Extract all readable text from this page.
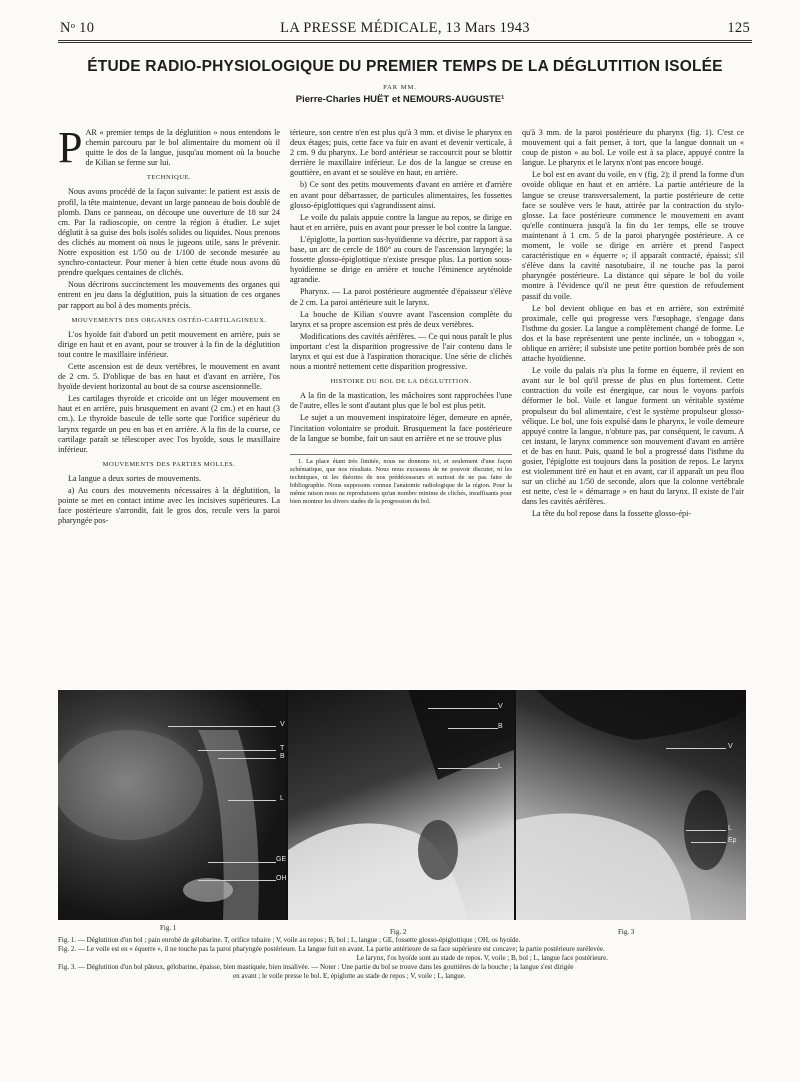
Nᵒ 10	LA PRESSE MÉDICALE, 13 Mars 1943	125
ÉTUDE RADIO-PHYSIOLOGIQUE DU PREMIER TEMPS DE LA DÉGLUTITION ISOLÉE
PAR MM.
Pierre-Charles HUËT et NEMOURS-AUGUSTE¹

PAR « premier temps de la déglutition » nous entendons le chemin parcouru par le bol alimentaire du moment où il quitte le dos de la langue, jusqu'au moment où la bouche de Kilian se ferme sur lui.

TECHNIQUE.

Nous avons procédé de la façon suivante: le patient est assis de profil, la tête maintenue, devant un large panneau de bois doublé de plomb. Dans ce panneau, on découpe une ouverture de 18 sur 24 cm. Par la radioscopie, on centre la région à étudier. Le sujet déglutit à sa guise des bols isolés solides ou liquides. Nous prenons des clichés au moment où nous le jugeons utile, sans le prévenir. Notre exposition est 1/50 ou de 1/100 de seconde mesurée au synchro-contacteur. Pour mener à bien cette étude nous avons dû prendre quelques centaines de clichés.

Nous décrirons succinctement les mouvements des organes qui entrent en jeu dans la déglutition, puis la situation de ces organes par rapport au bol à des moments précis.

MOUVEMENTS DES ORGANES OSTÉO-CARTILAGINEUX.

L'os hyoïde fait d'abord un petit mouvement en arrière, puis se dirige en haut et en avant, pour se trouver à la fin de la déglutition tout contre le maxillaire inférieur.

Cette ascension est de deux vertèbres, le mouvement en avant de 2 cm. 5. D'oblique de bas en haut et d'avant en arrière, l'os hyoïde devient horizontal au bout de sa course ascensionnelle.

Les cartilages thyroïde et cricoïde ont un léger mouvement en haut et en arrière, puis brusquement en avant (2 cm.) et en haut (3 cm.). Le thyroïde bascule de telle sorte que l'orifice supérieur du larynx regarde un peu en bas et en arrière. A la fin de la course, ce cartilage paraît se télescoper avec l'os hyoïde, sous le maxillaire inférieur.

MOUVEMENTS DES PARTIES MOLLES.

La langue a deux sortes de mouvements.

a) Au cours des mouvements nécessaires à la déglutition, la pointe se met en contact intime avec les incisives supérieures. La face postérieure s'arrondit, fait le gros dos, recule vers la paroi pharyngée pos-

térieure, son centre n'en est plus qu'à 3 mm. et divise le pharynx en deux étages; puis, cette face va fuir en avant et devenir verticale, à 2 cm. 9 du pharynx. Le bord antérieur se raccourcit pour se blottir derrière le maxillaire inférieur. Le dos de la langue se creuse en gouttière, en avant et se soulève en haut, en arrière.

b) Ce sont des petits mouvements d'avant en arrière et d'arrière en avant pour débarrasser, de particules alimentaires, les fossettes glosso-épiglottiques qui s'agrandissent ainsi.

Le voile du palais appuie contre la langue au repos, se dirige en haut et en arrière, puis en avant pour presser le bol contre la langue.

L'épiglotte, la portion sus-hyoïdienne va décrire, par rapport à sa base, un arc de cercle de 180° au cours de l'ascension laryngée; la fossette glosso-épiglottique n'existe presque plus. La portion sous-hyoïdienne se dirige en arrière et touche l'éminence aryténoïde agrandie.

Pharynx. — La paroi postérieure augmentée d'épaisseur s'élève de 2 cm. La paroi antérieure suit le larynx.

La bouche de Kilian s'ouvre avant l'ascension complète du larynx et sa propre ascension est près de deux vertèbres.

Modifications des cavités aérifères. — Ce qui nous paraît le plus important c'est la disparition progressive de l'air contenu dans le larynx et qui est due à l'aspiration thoracique. Une série de clichés nous a montré nettement cette disparition progressive.

HISTOIRE DU BOL DE LA DÉGLUTITION.

A la fin de la mastication, les mâchoires sont rapprochées l'une de l'autre, elles le sont d'autant plus que le bol est plus petit.

Le sujet a un mouvement inspiratoire léger, demeure en apnée, l'incitation volontaire se produit. Brusquement la face postérieure de la langue se bombe, fait un saut en arrière et ne se trouve plus

1. La place étant très limitée, nous ne donnons ici, et seulement d'une façon schématique, que nos résultats. Nous nous excusons de ne pouvoir discuter, ni les techniques, ni les théories de nos prédécesseurs et surtout de ne pas faire de bibliographie. Nous supposons connue l'anatomie radiologique de la région. Pour la même raison nous ne reproduisons qu'un nombre minime de clichés, insuffisants pour bien montrer les divers stades de la progression du bol.

qu'à 3 mm. de la paroi postérieure du pharynx (fig. 1). C'est ce mouvement qui a fait penser, à tort, que la langue donnait un « coup de piston » au bol. Le voile est à sa place, appuyé contre la langue. Le pharynx et le larynx n'ont pas encore bougé.

Le bol est en avant du voile, en v (fig. 2); il prend la forme d'un ovoïde oblique en haut et en arrière. La partie antérieure de la langue se creuse transversalement, la partie postérieure de cette face se soulève vers le haut, attirée par la contraction du stylo-glosse. La face postérieure commence le mouvement en avant qu'elle continuera jusqu'à la fin du 1er temps, elle se trouve maintenant à 1 cm. 5 de la paroi pharyngée postérieure. A ce moment, le voile se dirige en arrière et prend l'aspect caractéristique en « équerre »; il apparaît contracté, épaissi; s'il s'élève dans la cavité nasotubaire, il ne touche pas la paroi pharyngée postérieure. La distance qui sépare le bol du voile montre à l'évidence qu'il ne peut être question de refoulement passif du voile.

Le bol devient oblique en bas et en arrière, son extrémité proximale, celle qui progresse vers l'œsophage, s'engage dans l'isthme du gosier. La langue a complètement changé de forme. Le dos et la base représentent une pente inclinée, un « toboggan », oblique en arrière; il subsiste une petite portion bombée près de son attache hyoïdienne.

Le voile du palais n'a plus la forme en équerre, il revient en avant sur le bol qu'il presse de plus en plus fortement. Cette contraction du voile est énergique, car nous le voyons parfois déformer le bol. Voile et langue forment un véritable système propulseur du bol alimentaire, c'est le système propulseur glosso-vélique. Le bol, une fois expulsé dans le pharynx, le voile demeure appuyé contre la langue, n'obture pas, par conséquent, le cavum. A cet instant, le larynx commence son mouvement d'avant en arrière et de bas en haut. Puis, quand le bol a progressé dans l'isthme du gosier, l'épiglotte est toujours dans la position de repos. Le larynx est violemment tiré en haut et en avant, car il apparaît un peu flou sur un cliché au 1/50 de seconde, alors que la colonne vertébrale est nette, c'est le « démarrage » en haut du larynx. Il existe de l'air dans les cavités aérifères.

La tête du bol repose dans la fossette glosso-épi-

T
V
B
L
GE
OH
V
B
L
V
L
Ep
Fig. 1	Fig. 2	Fig. 3
Fig. 1. — Déglutition d'un bol ; pain enrobé de gélobarine. T, orifice tubaire ; V, voile au repos ; B, bol ; L, langue ; GE, fossette glosso-épiglottique ; OH, os hyoïde.
Fig. 2. — Le voile est en « équerre », il ne touche pas la paroi pharyngée postérieure. La langue fuit en avant. La partie antérieure de sa face supérieure est concave; la partie postérieure surélevée.
Le larynx, l'os hyoïde sont au stade de repos. V, voile ; B, bol ; L, langue face postérieure.
Fig. 3. — Déglutition d'un bol pâteux, gélobarine, épaisse, bien mastiquée, bien insalivée. — Noter : Une partie du bol se trouve dans les gouttières de la bouche ; la langue s'est dirigée
en avant ; le voile presse le bol. E, épiglotte au stade de repos ; V, voile ; L, langue.
